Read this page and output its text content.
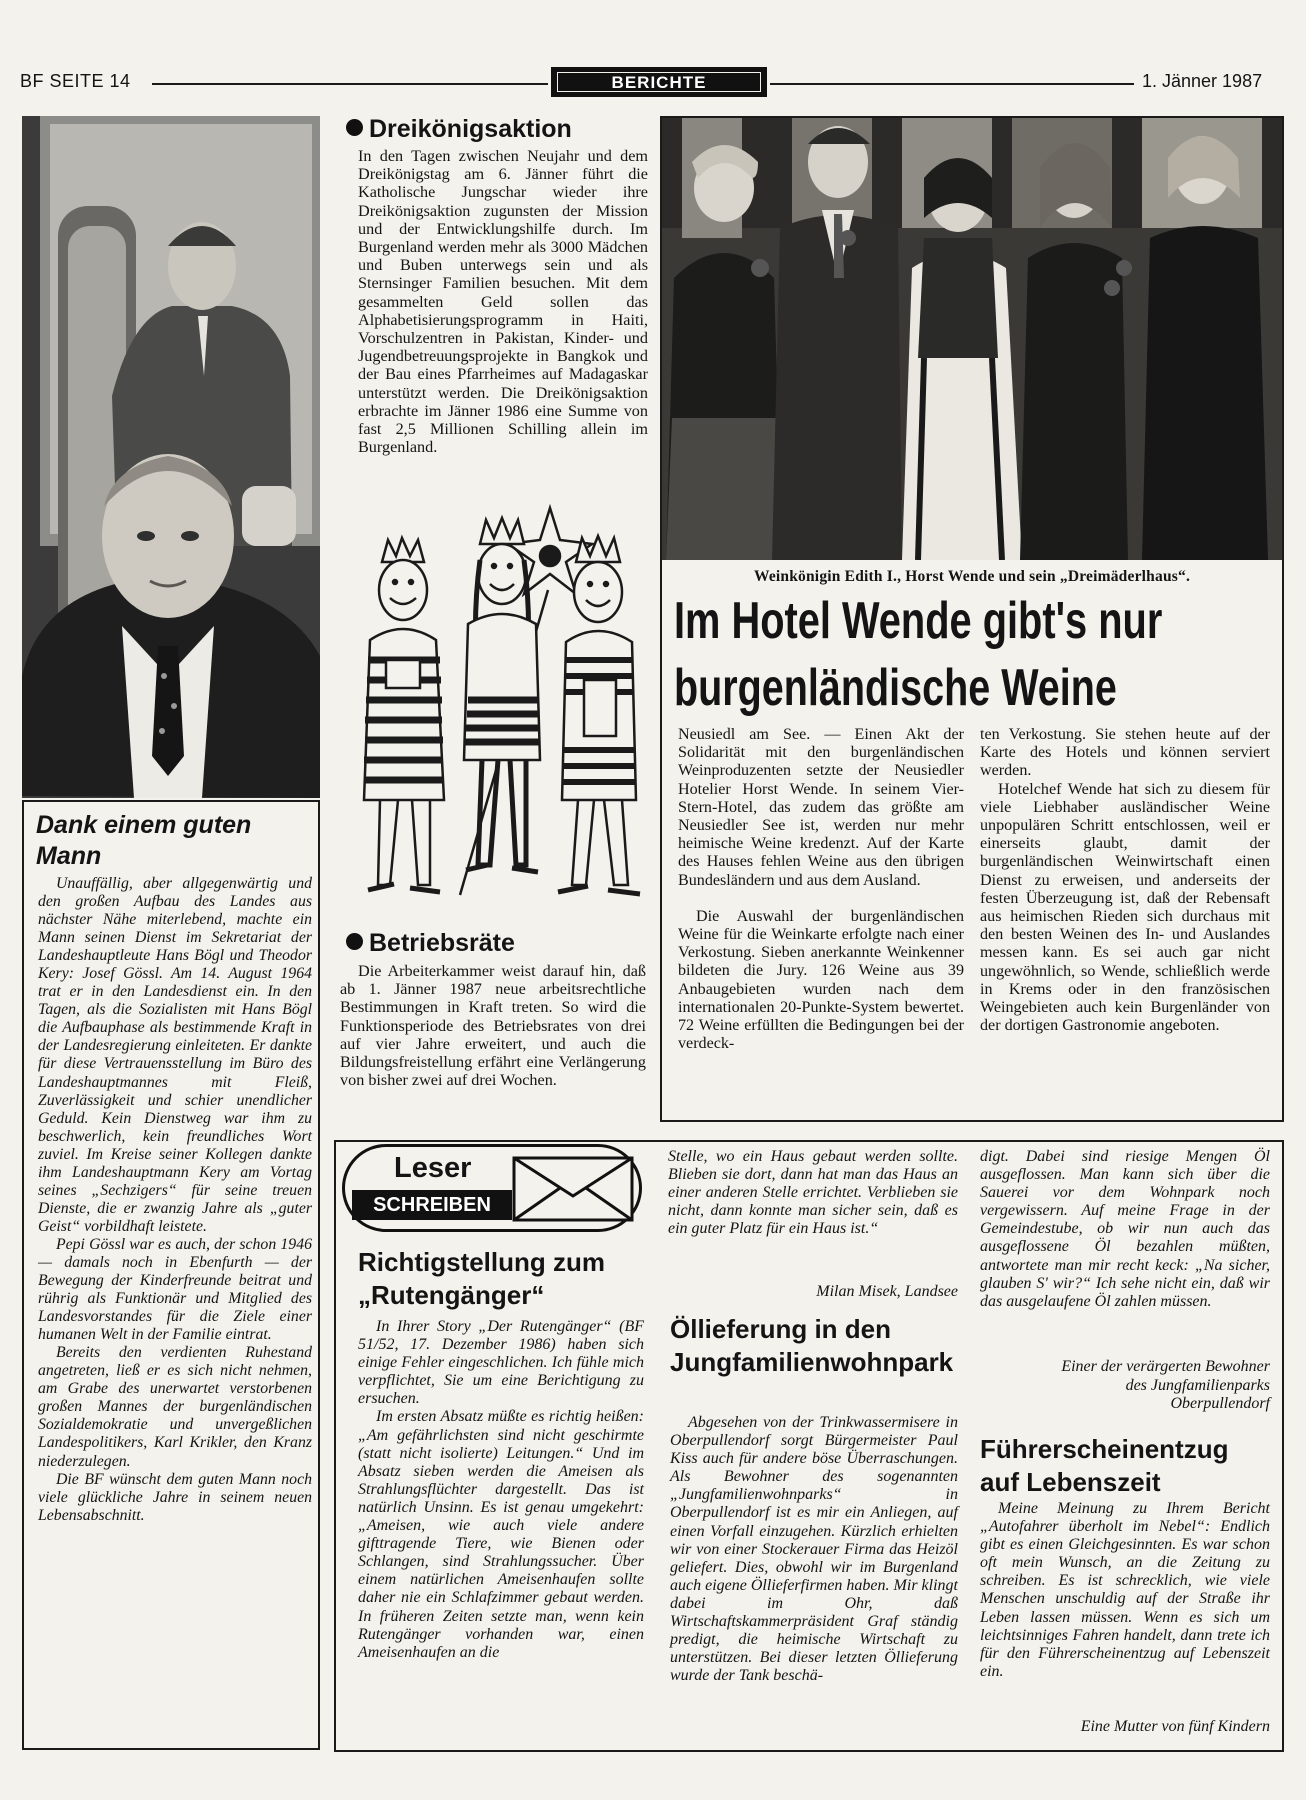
BF SEITE 14	BERICHTE	1. Jänner 1987
Dank einem guten Mann

Unauffällig, aber allgegenwärtig und den großen Aufbau des Landes aus nächster Nähe miterlebend, machte ein Mann seinen Dienst im Sekretariat der Landeshauptleute Hans Bögl und Theodor Kery: Josef Gössl. Am 14. August 1964 trat er in den Landesdienst ein. In den Tagen, als die Sozialisten mit Hans Bögl die Aufbauphase als bestimmende Kraft in der Landesregierung einleiteten. Er dankte für diese Vertrauensstellung im Büro des Landeshauptmannes mit Fleiß, Zuverlässigkeit und schier unendlicher Geduld. Kein Dienstweg war ihm zu beschwerlich, kein freundliches Wort zuviel. Im Kreise seiner Kollegen dankte ihm Landeshauptmann Kery am Vortag seines „Sechzigers“ für seine treuen Dienste, die er zwanzig Jahre als „guter Geist“ vorbildhaft leistete.

Pepi Gössl war es auch, der schon 1946 — damals noch in Ebenfurth — der Bewegung der Kinderfreunde beitrat und rührig als Funktionär und Mitglied des Landesvorstandes für die Ziele einer humanen Welt in der Familie eintrat.

Bereits den verdienten Ruhestand angetreten, ließ er es sich nicht nehmen, am Grabe des unerwartet verstorbenen großen Mannes der burgenländischen Sozialdemokratie und unvergeßlichen Landespolitikers, Karl Krikler, den Kranz niederzulegen.

Die BF wünscht dem guten Mann noch viele glückliche Jahre in seinem neuen Lebensabschnitt.

Dreikönigsaktion

In den Tagen zwischen Neujahr und dem Dreikönigstag am 6. Jänner führt die Katholische Jungschar wieder ihre Dreikönigsaktion zugunsten der Mission und der Entwicklungshilfe durch. Im Burgenland werden mehr als 3000 Mädchen und Buben unterwegs sein und als Sternsinger Familien besuchen. Mit dem gesammelten Geld sollen das Alphabetisierungsprogramm in Haiti, Vorschulzentren in Pakistan, Kinder- und Jugendbetreuungsprojekte in Bangkok und der Bau eines Pfarrheimes auf Madagaskar unterstützt werden. Die Dreikönigsaktion erbrachte im Jänner 1986 eine Summe von fast 2,5 Millionen Schilling allein im Burgenland.

Betriebsräte

Die Arbeiterkammer weist darauf hin, daß ab 1. Jänner 1987 neue arbeitsrechtliche Bestimmungen in Kraft treten. So wird die Funktionsperiode des Betriebsrates von drei auf vier Jahre erweitert, und auch die Bildungsfreistellung erfährt eine Verlängerung von bisher zwei auf drei Wochen.

Weinkönigin Edith I., Horst Wende und sein „Dreimäderlhaus“.
Im Hotel Wende gibt's nur
burgenländische Weine

Neusiedl am See. — Einen Akt der Solidarität mit den burgenländischen Weinproduzenten setzte der Neusiedler Hotelier Horst Wende. In seinem Vier-Stern-Hotel, das zudem das größte am Neusiedler See ist, werden nur mehr heimische Weine kredenzt. Auf der Karte des Hauses fehlen Weine aus den übrigen Bundesländern und aus dem Ausland.

Die Auswahl der burgenländischen Weine für die Weinkarte erfolgte nach einer Verkostung. Sieben anerkannte Weinkenner bildeten die Jury. 126 Weine aus 39 Anbaugebieten wurden nach dem internationalen 20-Punkte-System bewertet. 72 Weine erfüllten die Bedingungen bei der verdeck-

ten Verkostung. Sie stehen heute auf der Karte des Hotels und können serviert werden.

Hotelchef Wende hat sich zu diesem für viele Liebhaber ausländischer Weine unpopulären Schritt entschlossen, weil er einerseits glaubt, damit der burgenländischen Weinwirtschaft einen Dienst zu erweisen, und anderseits der festen Überzeugung ist, daß der Rebensaft aus heimischen Rieden sich durchaus mit den besten Weinen des In- und Auslandes messen kann. Es sei auch gar nicht ungewöhnlich, so Wende, schließlich werde in Krems oder in den französischen Weingebieten auch kein Burgenländer von der dortigen Gastronomie angeboten.

Leser
SCHREIBEN
Richtigstellung zum „Rutengänger“

In Ihrer Story „Der Rutengänger“ (BF 51/52, 17. Dezember 1986) haben sich einige Fehler eingeschlichen. Ich fühle mich verpflichtet, Sie um eine Berichtigung zu ersuchen.

Im ersten Absatz müßte es richtig heißen: „Am gefährlichsten sind nicht geschirmte (statt nicht isolierte) Leitungen.“ Und im Absatz sieben werden die Ameisen als Strahlungsflüchter dargestellt. Das ist natürlich Unsinn. Es ist genau umgekehrt: „Ameisen, wie auch viele andere gifttragende Tiere, wie Bienen oder Schlangen, sind Strahlungssucher. Über einem natürlichen Ameisenhaufen sollte daher nie ein Schlafzimmer gebaut werden. In früheren Zeiten setzte man, wenn kein Rutengänger vorhanden war, einen Ameisenhaufen an die

Stelle, wo ein Haus gebaut werden sollte. Blieben sie dort, dann hat man das Haus an einer anderen Stelle errichtet. Verblieben sie nicht, dann konnte man sicher sein, daß es ein guter Platz für ein Haus ist.“

Milan Misek, Landsee
Öllieferung in den Jungfamilienwohnpark

Abgesehen von der Trinkwassermisere in Oberpullendorf sorgt Bürgermeister Paul Kiss auch für andere böse Überraschungen. Als Bewohner des sogenannten „Jungfamilienwohnparks“ in Oberpullendorf ist es mir ein Anliegen, auf einen Vorfall einzugehen. Kürzlich erhielten wir von einer Stockerauer Firma das Heizöl geliefert. Dies, obwohl wir im Burgenland auch eigene Öllieferfirmen haben. Mir klingt dabei im Ohr, daß Wirtschaftskammerpräsident Graf ständig predigt, die heimische Wirtschaft zu unterstützen. Bei dieser letzten Öllieferung wurde der Tank beschä-

digt. Dabei sind riesige Mengen Öl ausgeflossen. Man kann sich über die Sauerei vor dem Wohnpark noch vergewissern. Auf meine Frage in der Gemeindestube, ob wir nun auch das ausgeflossene Öl bezahlen müßten, antwortete man mir recht keck: „Na sicher, glauben S' wir?“ Ich sehe nicht ein, daß wir das ausgelaufene Öl zahlen müssen.

Einer der verärgerten Bewohner
des Jungfamilienparks
Oberpullendorf
Führerscheinentzug auf Lebenszeit

Meine Meinung zu Ihrem Bericht „Autofahrer überholt im Nebel“: Endlich gibt es einen Gleichgesinnten. Es war schon oft mein Wunsch, an die Zeitung zu schreiben. Es ist schrecklich, wie viele Menschen unschuldig auf der Straße ihr Leben lassen müssen. Wenn es sich um leichtsinniges Fahren handelt, dann trete ich für den Führerscheinentzug auf Lebenszeit ein.

Eine Mutter von fünf Kindern
